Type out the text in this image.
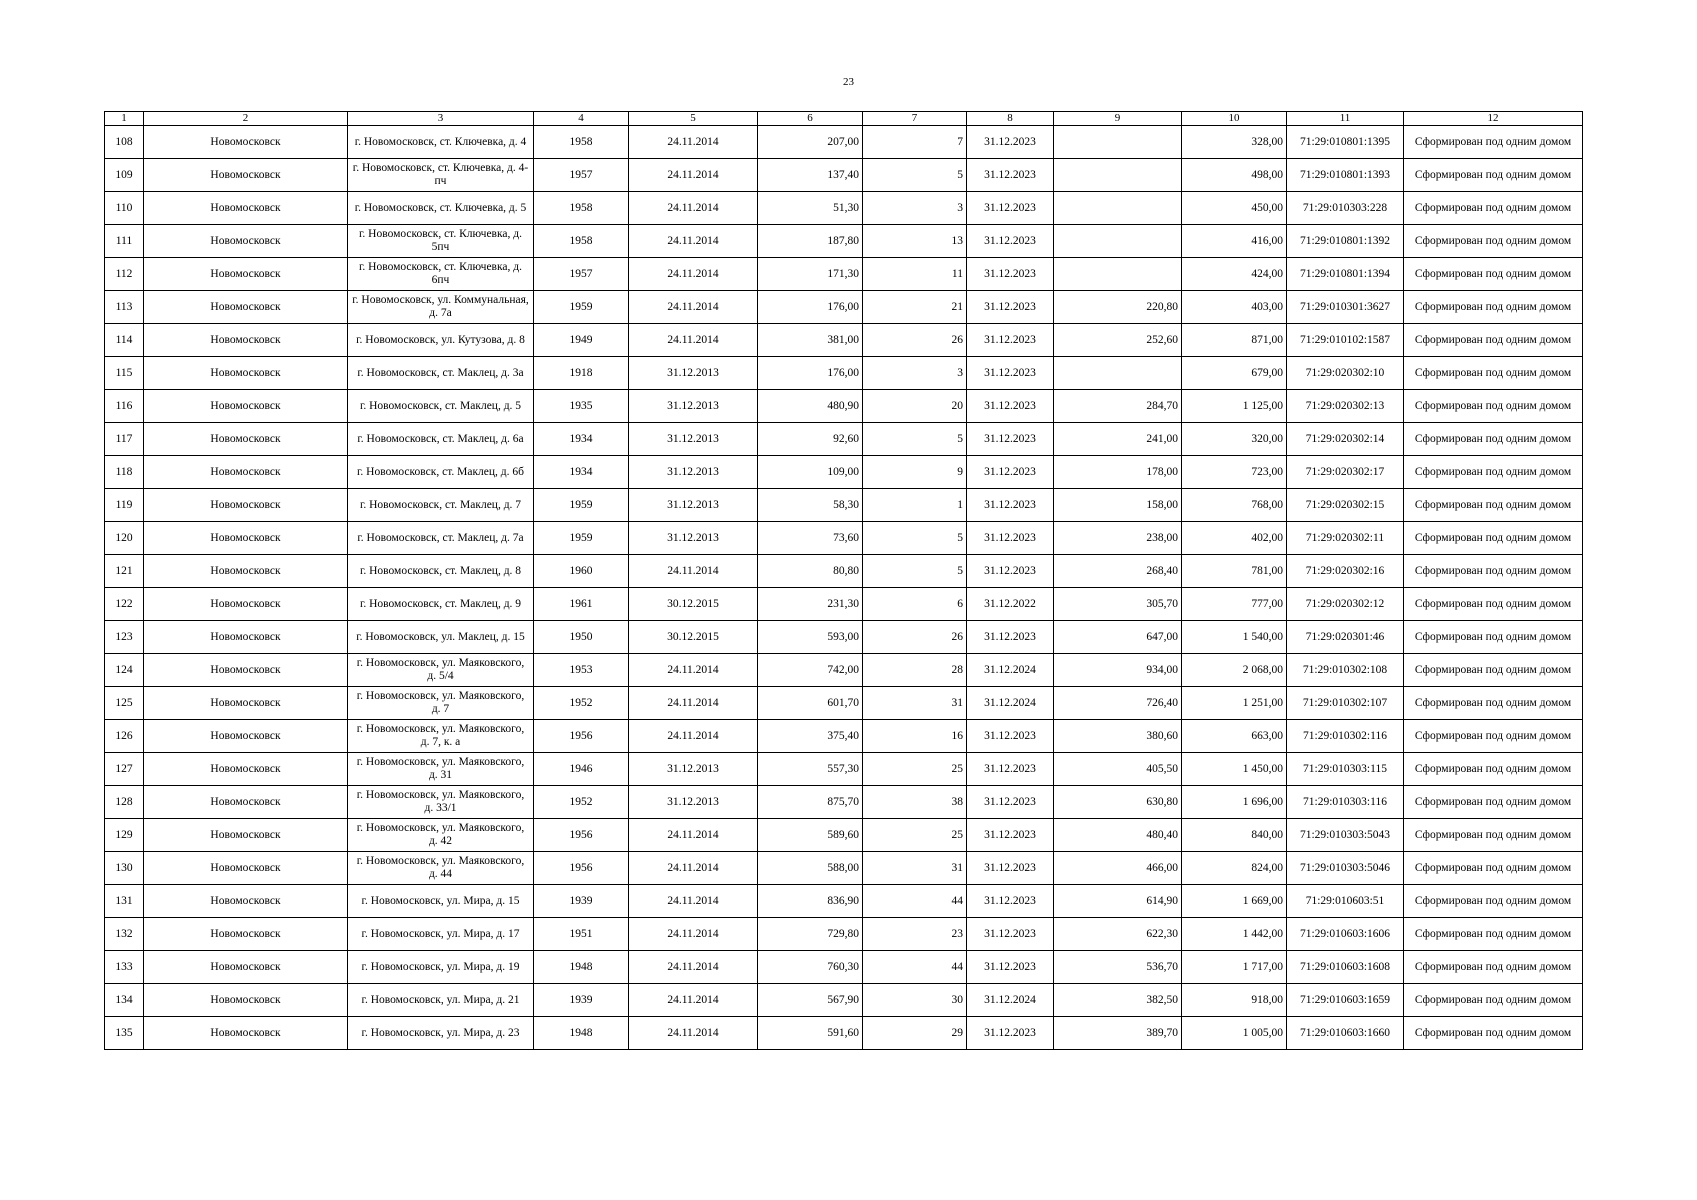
23
1	2	3	4	5	6	7	8	9	10	11	12
108	Новомосковск	г. Новомосковск, ст. Ключевка, д. 4	1958	24.11.2014	207,00	7	31.12.2023		328,00	71:29:010801:1395	Сформирован под одним домом
109	Новомосковск	г. Новомосковск, ст. Ключевка, д. 4-пч	1957	24.11.2014	137,40	5	31.12.2023		498,00	71:29:010801:1393	Сформирован под одним домом
110	Новомосковск	г. Новомосковск, ст. Ключевка, д. 5	1958	24.11.2014	51,30	3	31.12.2023		450,00	71:29:010303:228	Сформирован под одним домом
111	Новомосковск	г. Новомосковск, ст. Ключевка, д. 5пч	1958	24.11.2014	187,80	13	31.12.2023		416,00	71:29:010801:1392	Сформирован под одним домом
112	Новомосковск	г. Новомосковск, ст. Ключевка, д. 6пч	1957	24.11.2014	171,30	11	31.12.2023		424,00	71:29:010801:1394	Сформирован под одним домом
113	Новомосковск	г. Новомосковск, ул. Коммунальная, д. 7а	1959	24.11.2014	176,00	21	31.12.2023	220,80	403,00	71:29:010301:3627	Сформирован под одним домом
114	Новомосковск	г. Новомосковск, ул. Кутузова, д. 8	1949	24.11.2014	381,00	26	31.12.2023	252,60	871,00	71:29:010102:1587	Сформирован под одним домом
115	Новомосковск	г. Новомосковск, ст. Маклец, д. 3а	1918	31.12.2013	176,00	3	31.12.2023		679,00	71:29:020302:10	Сформирован под одним домом
116	Новомосковск	г. Новомосковск, ст. Маклец, д. 5	1935	31.12.2013	480,90	20	31.12.2023	284,70	1 125,00	71:29:020302:13	Сформирован под одним домом
117	Новомосковск	г. Новомосковск, ст. Маклец, д. 6а	1934	31.12.2013	92,60	5	31.12.2023	241,00	320,00	71:29:020302:14	Сформирован под одним домом
118	Новомосковск	г. Новомосковск, ст. Маклец, д. 6б	1934	31.12.2013	109,00	9	31.12.2023	178,00	723,00	71:29:020302:17	Сформирован под одним домом
119	Новомосковск	г. Новомосковск, ст. Маклец, д. 7	1959	31.12.2013	58,30	1	31.12.2023	158,00	768,00	71:29:020302:15	Сформирован под одним домом
120	Новомосковск	г. Новомосковск, ст. Маклец, д. 7а	1959	31.12.2013	73,60	5	31.12.2023	238,00	402,00	71:29:020302:11	Сформирован под одним домом
121	Новомосковск	г. Новомосковск, ст. Маклец, д. 8	1960	24.11.2014	80,80	5	31.12.2023	268,40	781,00	71:29:020302:16	Сформирован под одним домом
122	Новомосковск	г. Новомосковск, ст. Маклец, д. 9	1961	30.12.2015	231,30	6	31.12.2022	305,70	777,00	71:29:020302:12	Сформирован под одним домом
123	Новомосковск	г. Новомосковск, ул. Маклец, д. 15	1950	30.12.2015	593,00	26	31.12.2023	647,00	1 540,00	71:29:020301:46	Сформирован под одним домом
124	Новомосковск	г. Новомосковск, ул. Маяковского, д. 5/4	1953	24.11.2014	742,00	28	31.12.2024	934,00	2 068,00	71:29:010302:108	Сформирован под одним домом
125	Новомосковск	г. Новомосковск, ул. Маяковского, д. 7	1952	24.11.2014	601,70	31	31.12.2024	726,40	1 251,00	71:29:010302:107	Сформирован под одним домом
126	Новомосковск	г. Новомосковск, ул. Маяковского, д. 7, к. а	1956	24.11.2014	375,40	16	31.12.2023	380,60	663,00	71:29:010302:116	Сформирован под одним домом
127	Новомосковск	г. Новомосковск, ул. Маяковского, д. 31	1946	31.12.2013	557,30	25	31.12.2023	405,50	1 450,00	71:29:010303:115	Сформирован под одним домом
128	Новомосковск	г. Новомосковск, ул. Маяковского, д. 33/1	1952	31.12.2013	875,70	38	31.12.2023	630,80	1 696,00	71:29:010303:116	Сформирован под одним домом
129	Новомосковск	г. Новомосковск, ул. Маяковского, д. 42	1956	24.11.2014	589,60	25	31.12.2023	480,40	840,00	71:29:010303:5043	Сформирован под одним домом
130	Новомосковск	г. Новомосковск, ул. Маяковского, д. 44	1956	24.11.2014	588,00	31	31.12.2023	466,00	824,00	71:29:010303:5046	Сформирован под одним домом
131	Новомосковск	г. Новомосковск, ул. Мира, д. 15	1939	24.11.2014	836,90	44	31.12.2023	614,90	1 669,00	71:29:010603:51	Сформирован под одним домом
132	Новомосковск	г. Новомосковск, ул. Мира, д. 17	1951	24.11.2014	729,80	23	31.12.2023	622,30	1 442,00	71:29:010603:1606	Сформирован под одним домом
133	Новомосковск	г. Новомосковск, ул. Мира, д. 19	1948	24.11.2014	760,30	44	31.12.2023	536,70	1 717,00	71:29:010603:1608	Сформирован под одним домом
134	Новомосковск	г. Новомосковск, ул. Мира, д. 21	1939	24.11.2014	567,90	30	31.12.2024	382,50	918,00	71:29:010603:1659	Сформирован под одним домом
135	Новомосковск	г. Новомосковск, ул. Мира, д. 23	1948	24.11.2014	591,60	29	31.12.2023	389,70	1 005,00	71:29:010603:1660	Сформирован под одним домом
